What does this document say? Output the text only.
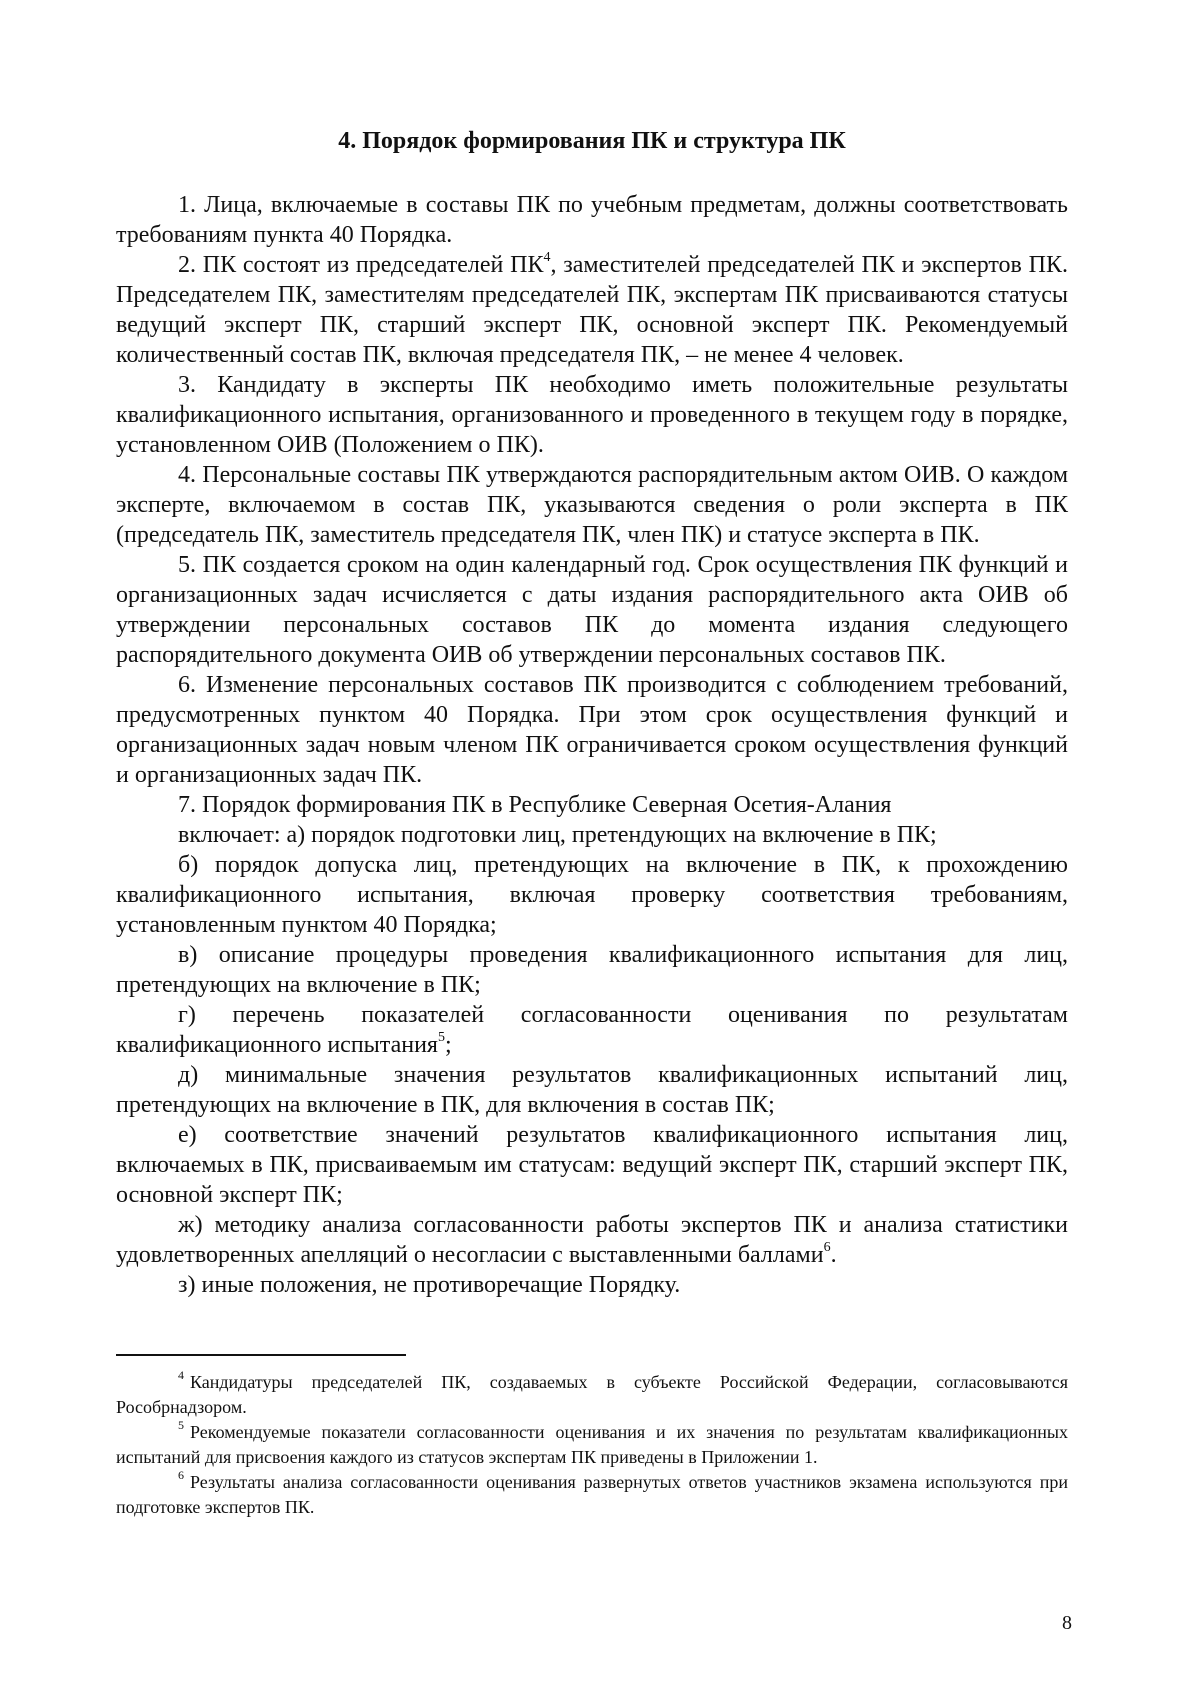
4. Порядок формирования ПК и структура ПК

1. Лица, включаемые в составы ПК по учебным предметам, должны соответствовать требованиям пункта 40 Порядка.

2. ПК состоят из председателей ПК$^4$, заместителей председателей ПК и экспертов ПК. Председателем ПК, заместителям председателей ПК, экспертам ПК присваиваются статусы ведущий эксперт ПК, старший эксперт ПК, основной эксперт ПК. Рекомендуемый количественный состав ПК, включая председателя ПК, – не менее 4 человек.

3. Кандидату в эксперты ПК необходимо иметь положительные результаты квалификационного испытания, организованного и проведенного в текущем году в порядке, установленном ОИВ (Положением о ПК).

4. Персональные составы ПК утверждаются распорядительным актом ОИВ. О каждом эксперте, включаемом в состав ПК, указываются сведения о роли эксперта в ПК (председатель ПК, заместитель председателя ПК, член ПК) и статусе эксперта в ПК.

5. ПК создается сроком на один календарный год. Срок осуществления ПК функций и организационных задач исчисляется с даты издания распорядительного акта ОИВ об утверждении персональных составов ПК до момента издания следующего распорядительного документа ОИВ об утверждении персональных составов ПК.

6. Изменение персональных составов ПК производится с соблюдением требований, предусмотренных пунктом 40 Порядка. При этом срок осуществления функций и организационных задач новым членом ПК ограничивается сроком осуществления функций и организационных задач ПК.

7. Порядок формирования ПК в Республике Северная Осетия-Алания

включает: а) порядок подготовки лиц, претендующих на включение в ПК;

б) порядок допуска лиц, претендующих на включение в ПК, к прохождению квалификационного испытания, включая проверку соответствия требованиям, установленным пунктом 40 Порядка;

в) описание процедуры проведения квалификационного испытания для лиц, претендующих на включение в ПК;

г) перечень показателей согласованности оценивания по результатам квалификационного испытания$^5$;

д) минимальные значения результатов квалификационных испытаний лиц, претендующих на включение в ПК, для включения в состав ПК;

е) соответствие значений результатов квалификационного испытания лиц, включаемых в ПК, присваиваемым им статусам: ведущий эксперт ПК, старший эксперт ПК, основной эксперт ПК;

ж) методику анализа согласованности работы экспертов ПК и анализа статистики удовлетворенных апелляций о несогласии с выставленными баллами$^6$.

з) иные положения, не противоречащие Порядку.

$^4$ Кандидатуры председателей ПК, создаваемых в субъекте Российской Федерации, согласовываются Рособрнадзором.

$^5$ Рекомендуемые показатели согласованности оценивания и их значения по результатам квалификационных испытаний для присвоения каждого из статусов экспертам ПК приведены в Приложении 1.

$^6$ Результаты анализа согласованности оценивания развернутых ответов участников экзамена используются при подготовке экспертов ПК.

8
